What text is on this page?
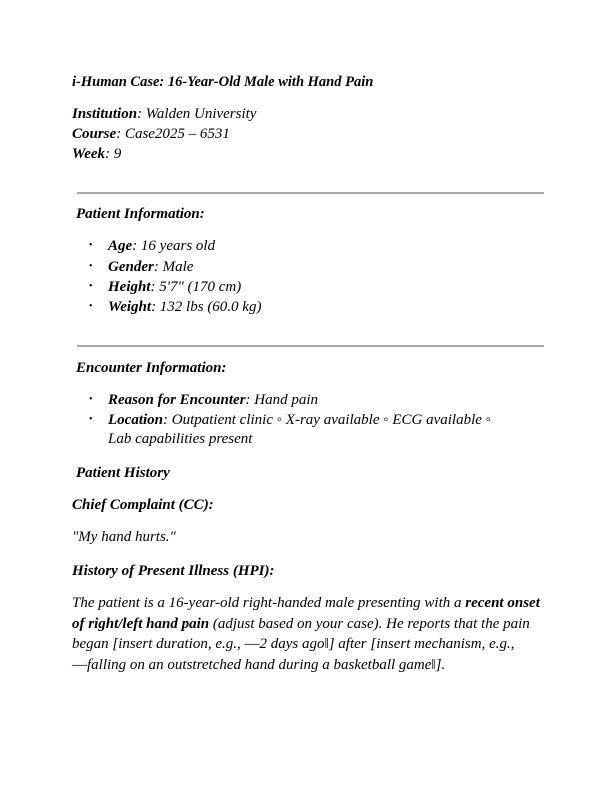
i-Human Case: 16-Year-Old Male with Hand Pain
Institution: Walden University
Course: Case2025 – 6531
Week: 9
Patient Information:
• Age: 16 years old
• Gender: Male
• Height: 5'7" (170 cm)
• Weight: 132 lbs (60.0 kg)
Encounter Information:
• Reason for Encounter: Hand pain
• Location: Outpatient clinic ◦ X-ray available ◦ ECG available ◦
Lab capabilities present
Patient History
Chief Complaint (CC):
"My hand hurts."
History of Present Illness (HPI):
The patient is a 16-year-old right-handed male presenting with a recent onset of right/left hand pain (adjust based on your case). He reports that the pain began [insert duration, e.g., ―2 days ago‖] after [insert mechanism, e.g., ―falling on an outstretched hand during a basketball game‖].
